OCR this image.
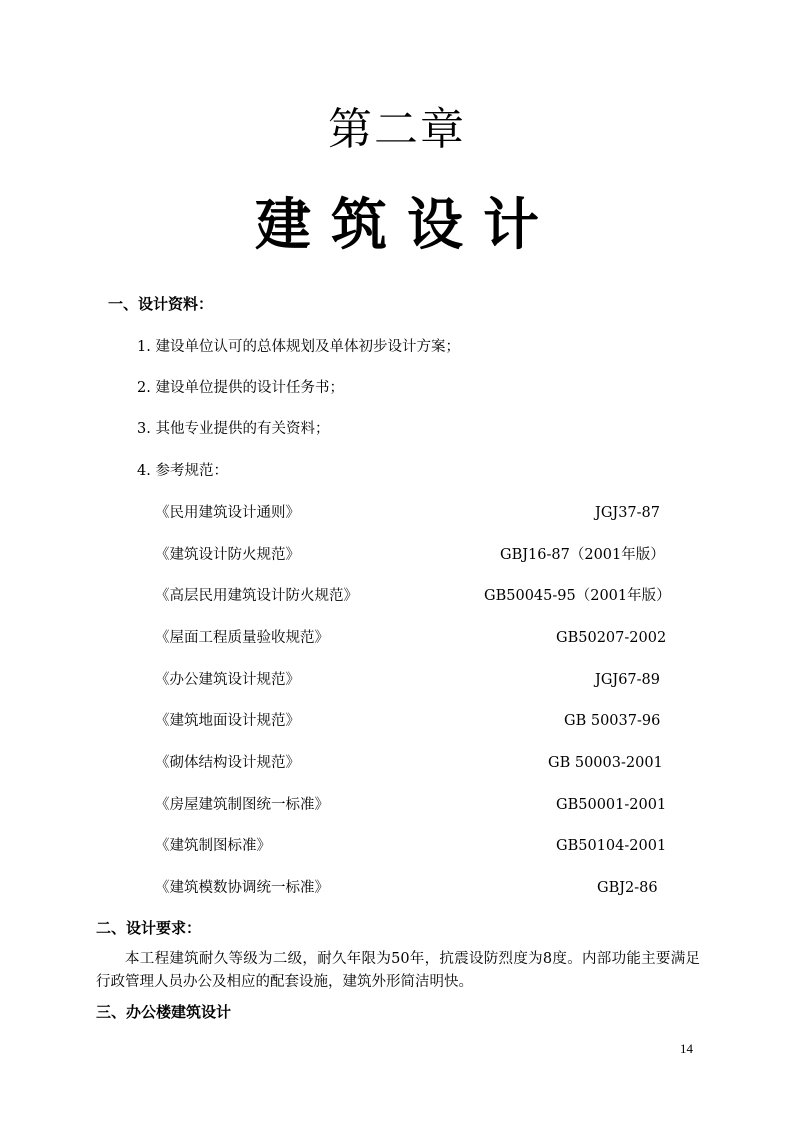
第二章
建筑设计
一、设计资料：
1. 建设单位认可的总体规划及单体初步设计方案；
2. 建设单位提供的设计任务书；
3. 其他专业提供的有关资料；
4. 参考规范：
《民用建筑设计通则》	JGJ37-87
《建筑设计防火规范》	GBJ16-87（2001年版）
《高层民用建筑设计防火规范》	GB50045-95（2001年版）
《屋面工程质量验收规范》	GB50207-2002
《办公建筑设计规范》	JGJ67-89
《建筑地面设计规范》	GB 50037-96
《砌体结构设计规范》	GB 50003-2001
《房屋建筑制图统一标准》	GB50001-2001
《建筑制图标准》	GB50104-2001
《建筑模数协调统一标准》	GBJ2-86
二、设计要求：
本工程建筑耐久等级为二级，耐久年限为50年，抗震设防烈度为8度。内部功能主要满足行政管理人员办公及相应的配套设施，建筑外形简洁明快。
三、办公楼建筑设计
14
